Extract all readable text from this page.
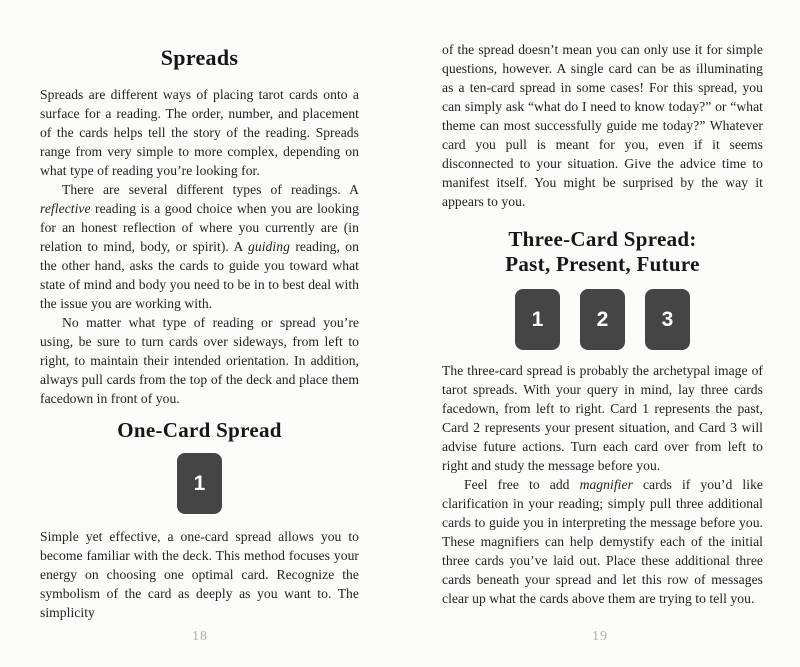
Spreads

Spreads are different ways of placing tarot cards onto a surface for a reading. The order, number, and placement of the cards helps tell the story of the reading. Spreads range from very simple to more complex, depending on what type of reading you’re looking for.

There are several different types of readings. A reflective reading is a good choice when you are looking for an honest reflection of where you currently are (in relation to mind, body, or spirit). A guiding reading, on the other hand, asks the cards to guide you toward what state of mind and body you need to be in to best deal with the issue you are working with.

No matter what type of reading or spread you’re using, be sure to turn cards over sideways, from left to right, to maintain their intended orientation. In addition, always pull cards from the top of the deck and place them facedown in front of you.

One-Card Spread
1

Simple yet effective, a one-card spread allows you to become familiar with the deck. This method focuses your energy on choosing one optimal card. Recognize the symbolism of the card as deeply as you want to. The simplicity

18

of the spread doesn’t mean you can only use it for simple questions, however. A single card can be as illuminating as a ten-card spread in some cases! For this spread, you can simply ask “what do I need to know today?” or “what theme can most successfully guide me today?” Whatever card you pull is meant for you, even if it seems disconnected to your situation. Give the advice time to manifest itself. You might be surprised by the way it appears to you.

Three-Card Spread:
Past, Present, Future
1	2	3

The three-card spread is probably the archetypal image of tarot spreads. With your query in mind, lay three cards facedown, from left to right. Card 1 represents the past, Card 2 represents your present situation, and Card 3 will advise future actions. Turn each card over from left to right and study the message before you.

Feel free to add magnifier cards if you’d like clarification in your reading; simply pull three additional cards to guide you in interpreting the message before you. These magnifiers can help demystify each of the initial three cards you’ve laid out. Place these additional three cards beneath your spread and let this row of messages clear up what the cards above them are trying to tell you.

19
